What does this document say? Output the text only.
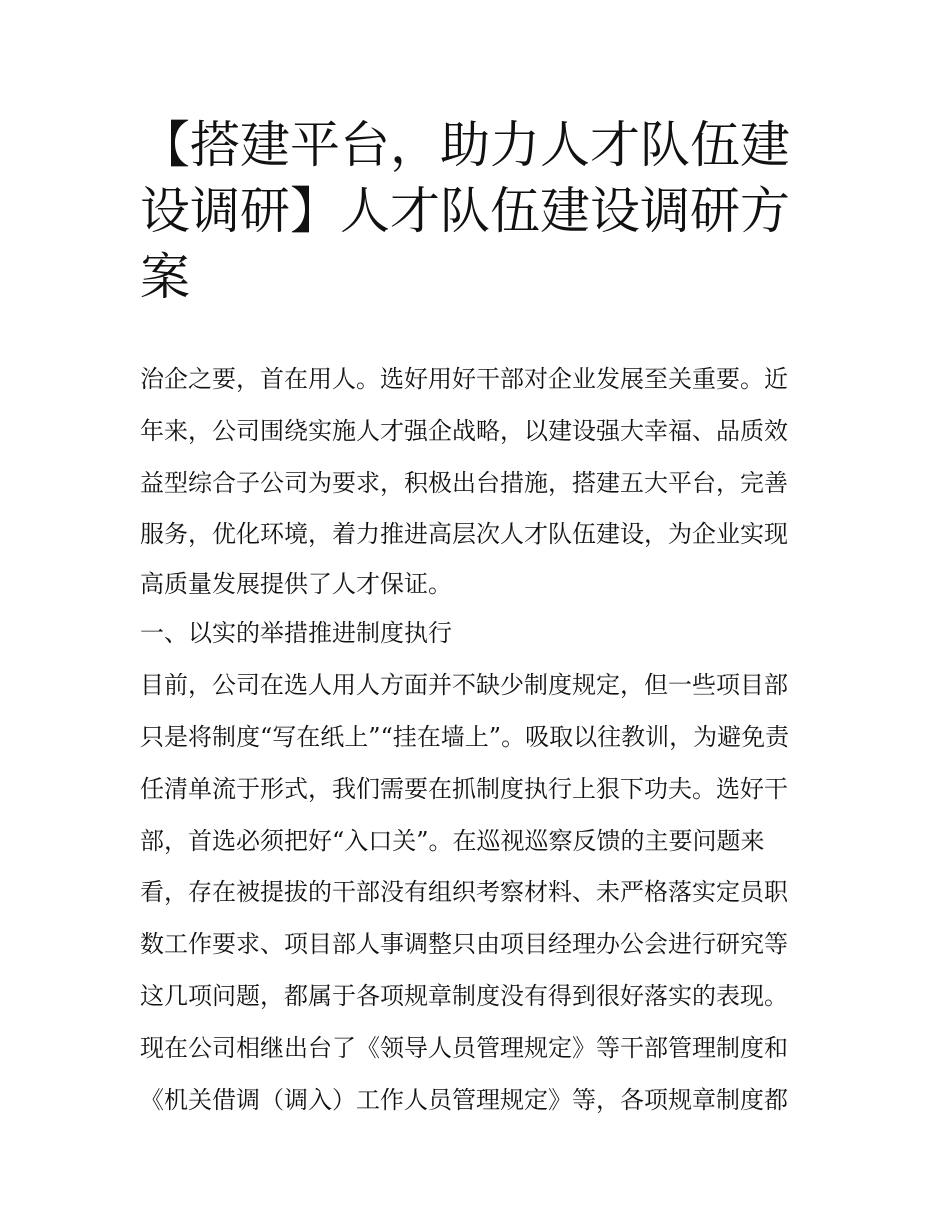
【搭建平台，助力人才队伍建
设调研】人才队伍建设调研方
案
治企之要，首在用人。选好用好干部对企业发展至关重要。近
年来，公司围绕实施人才强企战略，以建设强大幸福、品质效
益型综合子公司为要求，积极出台措施，搭建五大平台，完善
服务，优化环境，着力推进高层次人才队伍建设，为企业实现
高质量发展提供了人才保证。
一、以实的举措推进制度执行
目前，公司在选人用人方面并不缺少制度规定，但一些项目部
只是将制度“写在纸上”“挂在墙上”。吸取以往教训，为避免责
任清单流于形式，我们需要在抓制度执行上狠下功夫。选好干
部，首选必须把好“入口关”。在巡视巡察反馈的主要问题来
看，存在被提拔的干部没有组织考察材料、未严格落实定员职
数工作要求、项目部人事调整只由项目经理办公会进行研究等
这几项问题，都属于各项规章制度没有得到很好落实的表现。
现在公司相继出台了《领导人员管理规定》等干部管理制度和
《机关借调（调入）工作人员管理规定》等，各项规章制度都
